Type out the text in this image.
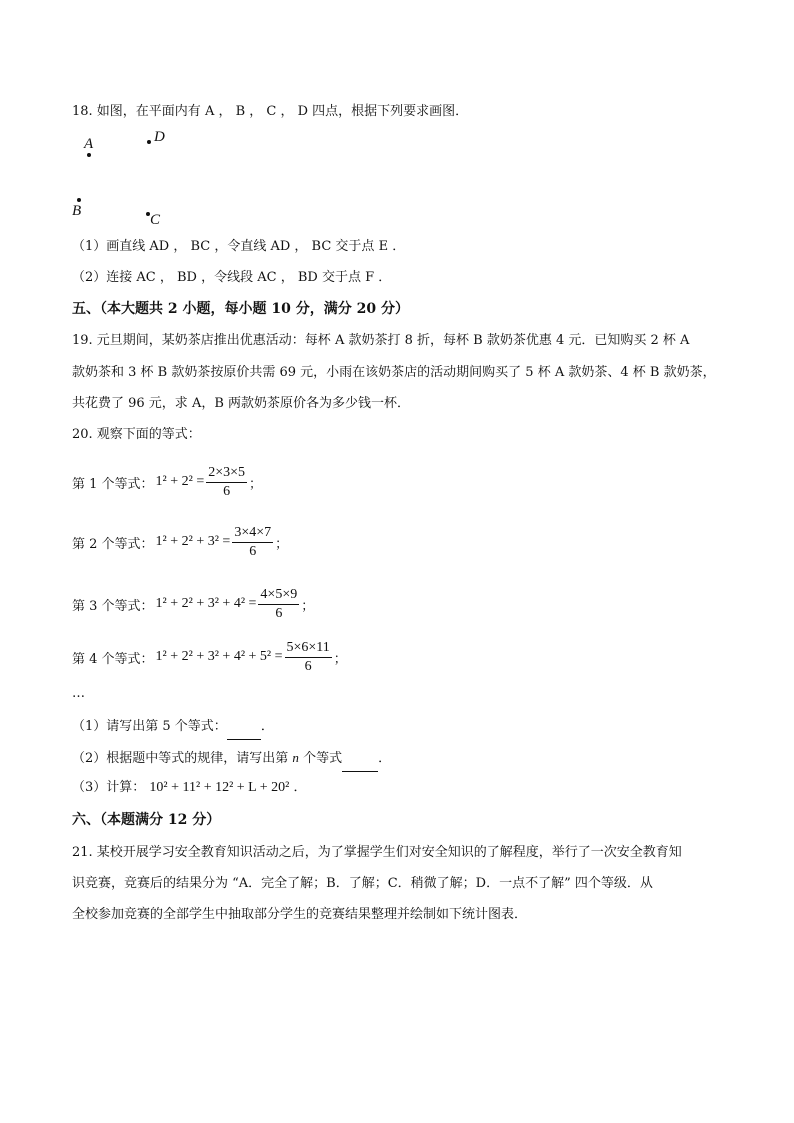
18. 如图，在平面内有 A ， B ， C ， D 四点，根据下列要求画图．
A	D
B
C
（1）画直线 AD ， BC ，令直线 AD ， BC 交于点 E ．
（2）连接 AC ， BD ，令线段 AC ， BD 交于点 F ．
五、（本大题共 2 小题，每小题 10 分，满分 20 分）
19. 元旦期间，某奶茶店推出优惠活动：每杯 A 款奶茶打 8 折，每杯 B 款奶茶优惠 4 元．已知购买 2 杯 A
款奶茶和 3 杯 B 款奶茶按原价共需 69 元，小雨在该奶茶店的活动期间购买了 5 杯 A 款奶茶、4 杯 B 款奶茶，
共花费了 96 元，求 A，B 两款奶茶原价各为多少钱一杯．
20. 观察下面的等式：
第 1 个等式： $1^2 + 2^2 = \frac{2\times 3\times 5}{6}$ ；
第 2 个等式： $1^2 + 2^2 + 3^2 = \frac{3\times 4\times 7}{6}$ ；
第 3 个等式： $1^2 + 2^2 + 3^2 + 4^2 = \frac{4\times 5\times 9}{6}$ ；
第 4 个等式： $1^2 + 2^2 + 3^2 + 4^2 + 5^2 = \frac{5\times 6\times 11}{6}$ ；
…
（1）请写出第 5 个等式：	．
（2）根据题中等式的规律，请写出第 n 个等式	．
（3）计算： 10² + 11² + 12² + L + 20² ．
六、（本题满分 12 分）
21. 某校开展学习安全教育知识活动之后，为了掌握学生们对安全知识的了解程度，举行了一次安全教育知
识竞赛，竞赛后的结果分为 “A．完全了解；B．了解；C．稍微了解；D．一点不了解” 四个等级．从
全校参加竞赛的全部学生中抽取部分学生的竞赛结果整理并绘制如下统计图表．
